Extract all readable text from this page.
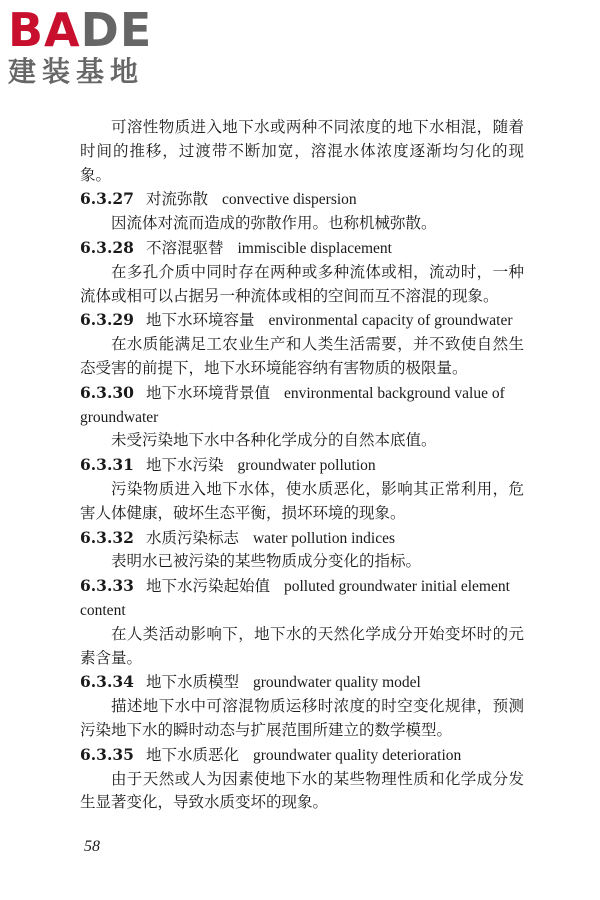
BADE
建装基地

可溶性物质进入地下水或两种不同浓度的地下水相混，随着时间的推移，过渡带不断加宽，溶混水体浓度逐渐均匀化的现象。

6.3.27 对流弥散 convective dispersion

因流体对流而造成的弥散作用。也称机械弥散。

6.3.28 不溶混驱替 immiscible displacement

在多孔介质中同时存在两种或多种流体或相，流动时，一种流体或相可以占据另一种流体或相的空间而互不溶混的现象。

6.3.29 地下水环境容量 environmental capacity of groundwater

在水质能满足工农业生产和人类生活需要，并不致使自然生态受害的前提下，地下水环境能容纳有害物质的极限量。

6.3.30 地下水环境背景值 environmental background value of groundwater

未受污染地下水中各种化学成分的自然本底值。

6.3.31 地下水污染 groundwater pollution

污染物质进入地下水体，使水质恶化，影响其正常利用，危害人体健康，破坏生态平衡，损坏环境的现象。

6.3.32 水质污染标志 water pollution indices

表明水已被污染的某些物质成分变化的指标。

6.3.33 地下水污染起始值 polluted groundwater initial element content

在人类活动影响下，地下水的天然化学成分开始变坏时的元素含量。

6.3.34 地下水质模型 groundwater quality model

描述地下水中可溶混物质运移时浓度的时空变化规律，预测污染地下水的瞬时动态与扩展范围所建立的数学模型。

6.3.35 地下水质恶化 groundwater quality deterioration

由于天然或人为因素使地下水的某些物理性质和化学成分发生显著变化，导致水质变坏的现象。

58
